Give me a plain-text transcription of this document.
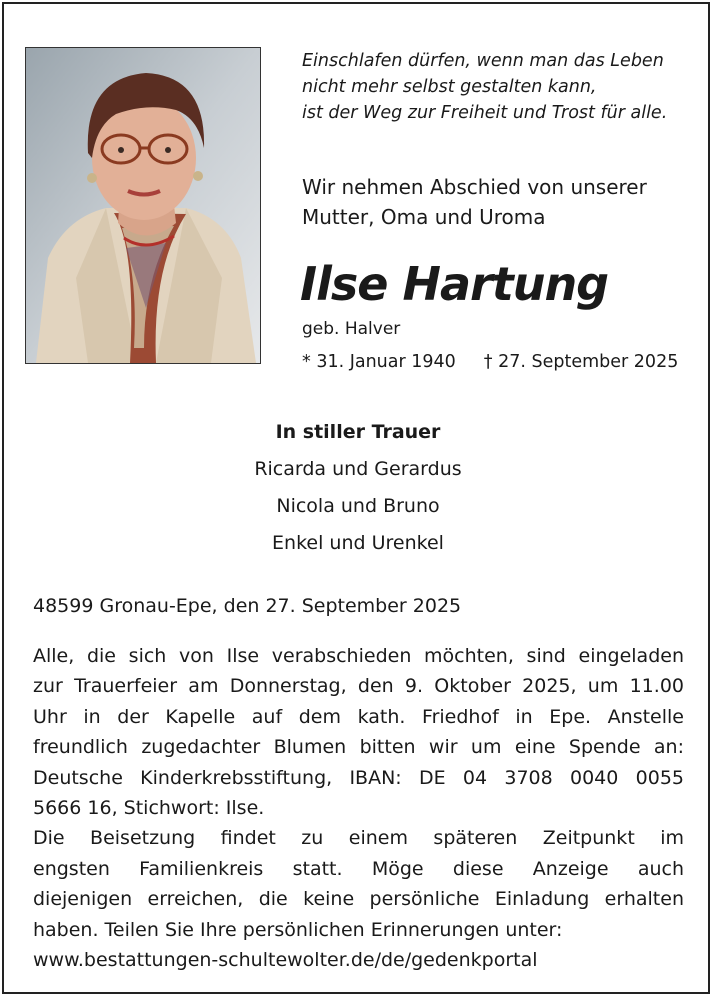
Einschlafen dürfen, wenn man das Leben
nicht mehr selbst gestalten kann,
ist der Weg zur Freiheit und Trost für alle.
Wir nehmen Abschied von unserer
Mutter, Oma und Uroma
Ilse Hartung
geb. Halver
* 31. Januar 1940 † 27. September 2025
In stiller Trauer
Ricarda und Gerardus
Nicola und Bruno
Enkel und Urenkel
48599 Gronau-Epe, den 27. September 2025
Alle, die sich von Ilse verabschieden möchten, sind eingeladen
zur Trauerfeier am Donnerstag, den 9. Oktober 2025, um 11.00
Uhr in der Kapelle auf dem kath. Friedhof in Epe. Anstelle
freundlich zugedachter Blumen bitten wir um eine Spende an:
Deutsche Kinderkrebsstiftung, IBAN: DE 04 3708 0040 0055
5666 16, Stichwort: Ilse.
Die Beisetzung findet zu einem späteren Zeitpunkt im
engsten Familienkreis statt. Möge diese Anzeige auch
diejenigen erreichen, die keine persönliche Einladung erhalten
haben. Teilen Sie Ihre persönlichen Erinnerungen unter:
www.bestattungen-schultewolter.de/de/gedenkportal
